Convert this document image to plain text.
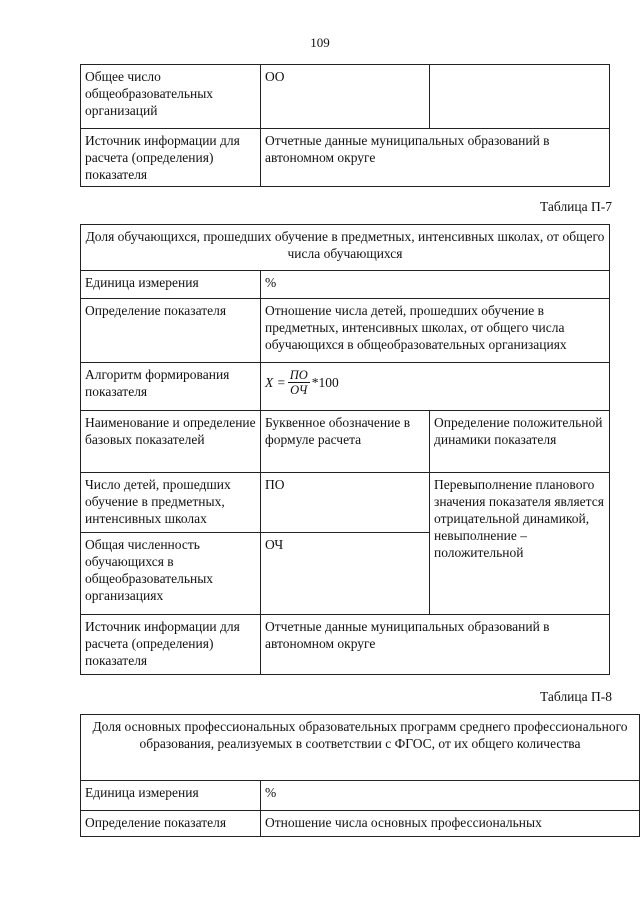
109
Общее число общеобразовательных организаций	ОО	
Источник информации для расчета (определения) показателя	Отчетные данные муниципальных образований в автономном округе	
Таблица П-7
Доля обучающихся, прошедших обучение в предметных, интенсивных школах, от общего числа обучающихся		
Единица измерения	%	
Определение показателя	Отношение числа детей, прошедших обучение в предметных, интенсивных школах, от общего числа обучающихся в общеобразовательных организациях	
Алгоритм формирования показателя	$X = \frac{ПО}{ОЧ} *100$	

Наименование и определение базовых показателей	Буквенное обозначение в формуле расчета	Определение положительной динамики показателя
Число детей, прошедших обучение в предметных, интенсивных школах	ПО	Перевыполнение планового значения показателя является отрицательной динамикой, невыполнение – положительной
Общая численность обучающихся в общеобразовательных организациях	ОЧ	
Источник информации для расчета (определения) показателя	Отчетные данные муниципальных образований в автономном округе	
Таблица П-8
Доля основных профессиональных образовательных программ среднего профессионального образования, реализуемых в соответствии с ФГОС, от их общего количества	
Единица измерения	%
Определение показателя	Отношение числа основных профессиональных
